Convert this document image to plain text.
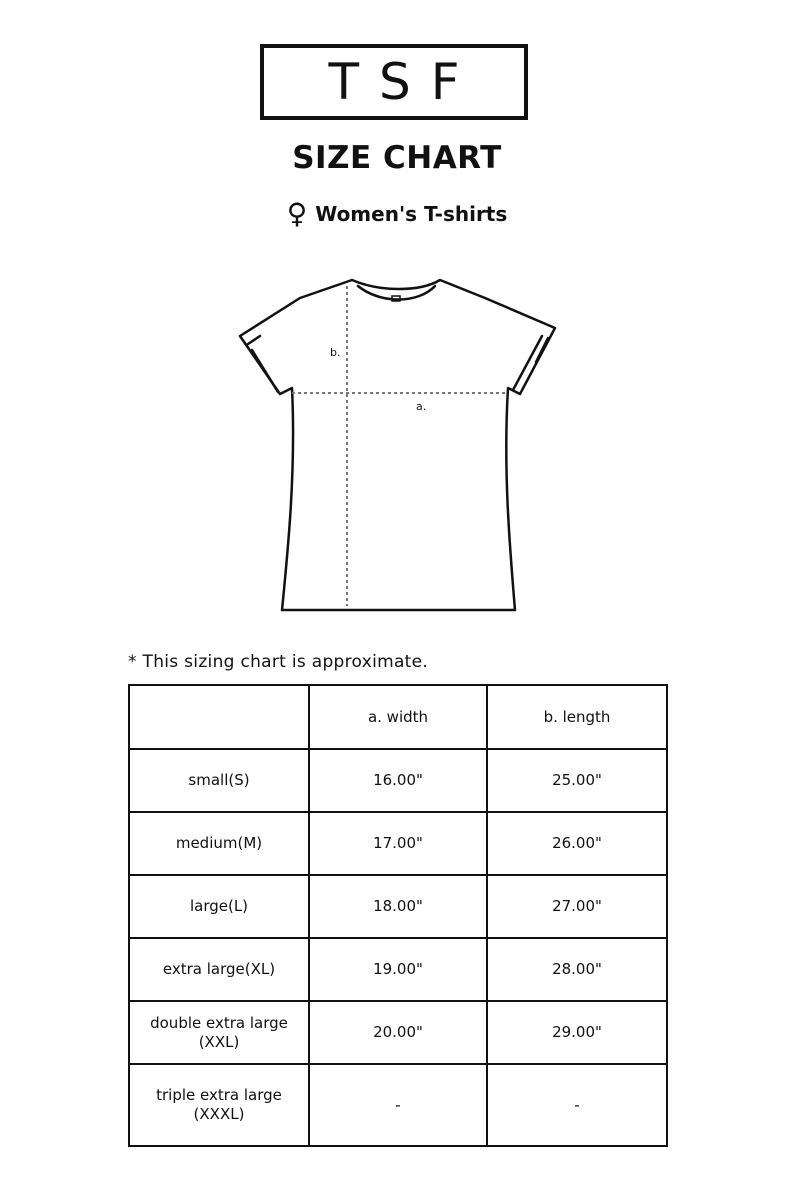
TSF
SIZE CHART
♀ Women's T-shirts
a.
b.
* This sizing chart is approximate.
	a. width	b. length
small(S)	16.00"	25.00"
medium(M)	17.00"	26.00"
large(L)	18.00"	27.00"
extra large(XL)	19.00"	28.00"
double extra large
(XXL)	20.00"	29.00"
triple extra large
(XXXL)	-	-
